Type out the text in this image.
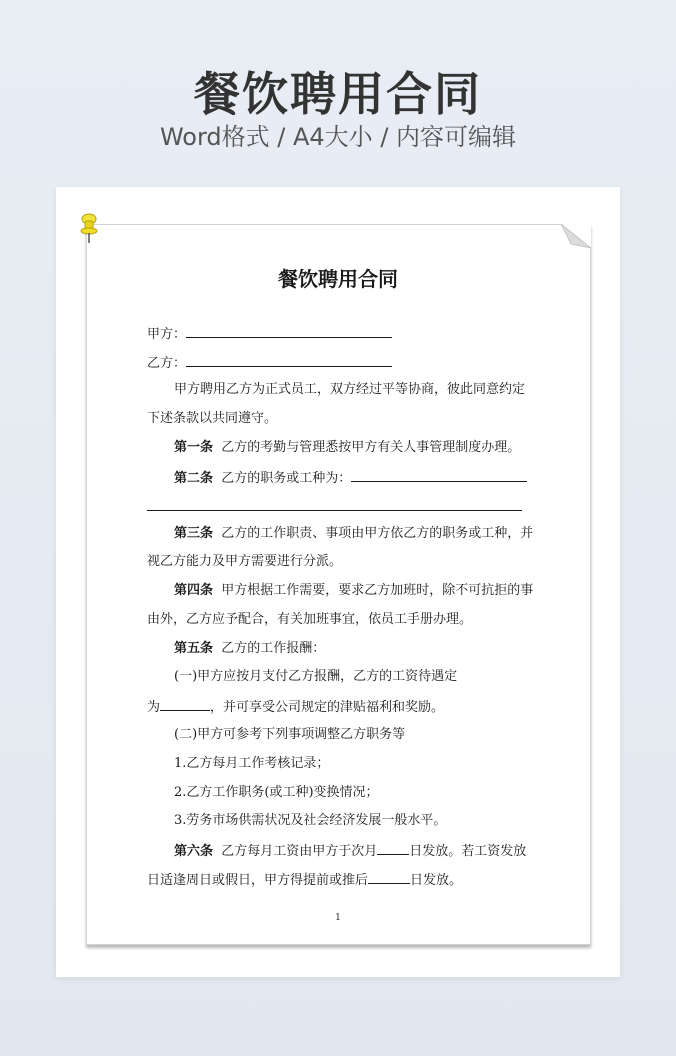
餐饮聘用合同

Word格式 / A4大小 / 内容可编辑

餐饮聘用合同
甲方：
乙方：
甲方聘用乙方为正式员工，双方经过平等协商，彼此同意约定
下述条款以共同遵守。
第一条 乙方的考勤与管理悉按甲方有关人事管理制度办理。
第二条 乙方的职务或工种为：
第三条 乙方的工作职责、事项由甲方依乙方的职务或工种，并
视乙方能力及甲方需要进行分派。
第四条 甲方根据工作需要，要求乙方加班时，除不可抗拒的事
由外，乙方应予配合，有关加班事宜，依员工手册办理。
第五条 乙方的工作报酬：
(一)甲方应按月支付乙方报酬，乙方的工资待遇定
为	，并可享受公司规定的津贴福利和奖励。
(二)甲方可参考下列事项调整乙方职务等
1.乙方每月工作考核记录；
2.乙方工作职务(或工种)变换情况；
3.劳务市场供需状况及社会经济发展一般水平。
第六条 乙方每月工资由甲方于次月 日发放。若工资发放
日适逢周日或假日，甲方得提前或推后	日发放。
1
